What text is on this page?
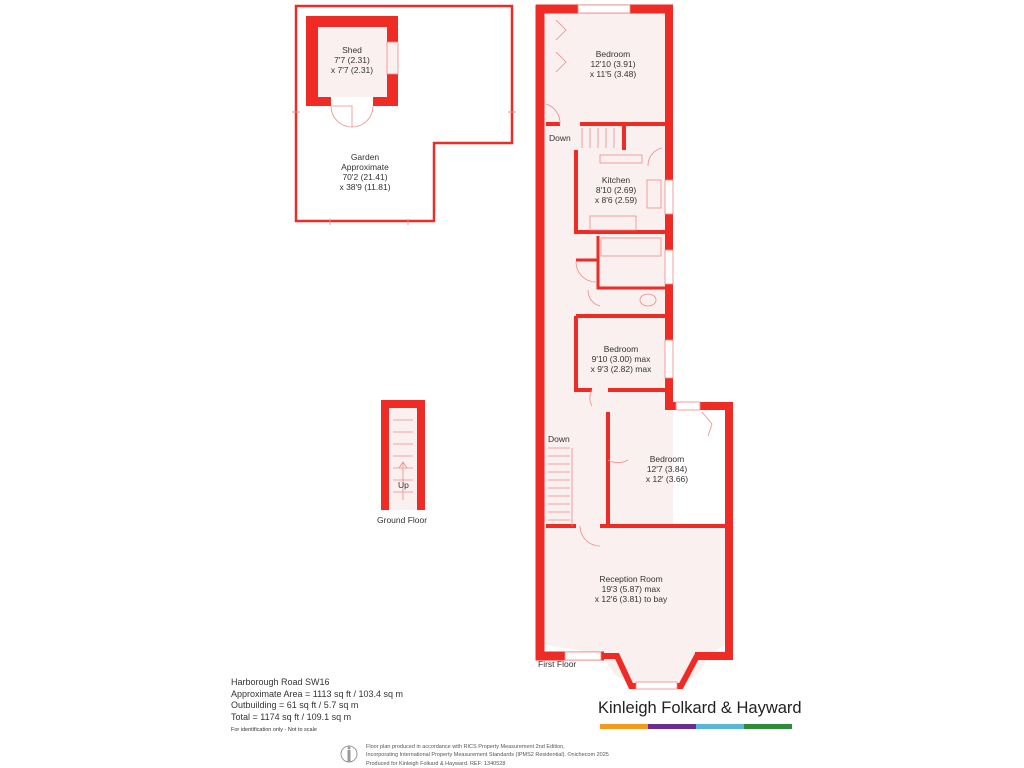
Shed
7'7 (2.31)
x 7'7 (2.31)
Garden
Approximate
70'2 (21.41)
x 38'9 (11.81)
Bedroom
12'10 (3.91)
x 11'5 (3.48)
Kitchen
8'10 (2.69)
x 8'6 (2.59)
Bedroom
9'10 (3.00) max
x 9'3 (2.82) max
Bedroom
12'7 (3.84)
x 12' (3.66)
Reception Room
19'3 (5.87) max
x 12'6 (3.81) to bay
Down
Down
Up
Ground Floor
First Floor
Harborough Road SW16
Approximate Area = 1113 sq ft / 103.4 sq m
Outbuilding = 61 sq ft / 5.7 sq m
Total = 1174 sq ft / 109.1 sq m
For identification only - Not to scale
Kinleigh Folkard & Hayward
Floor plan produced in accordance with RICS Property Measurement 2nd Edition,
Incorporating International Property Measurement Standards (IPMS2 Residential). ©nichecom 2025
Produced for Kinleigh Folkard & Hayward. REF: 1340528
